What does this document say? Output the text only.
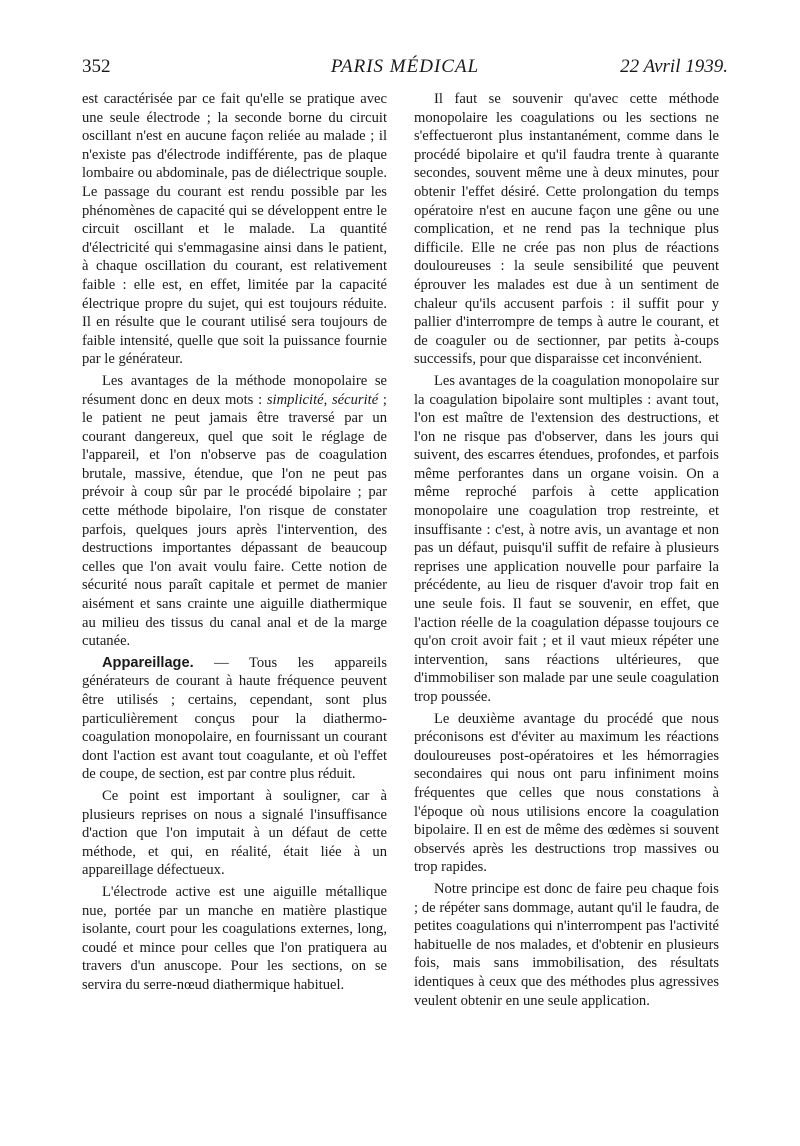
352	PARIS MÉDICAL	22 Avril 1939.

est caractérisée par ce fait qu'elle se pratique avec une seule électrode ; la seconde borne du circuit oscillant n'est en aucune façon reliée au malade ; il n'existe pas d'électrode indifférente, pas de plaque lombaire ou abdominale, pas de diélectrique souple. Le passage du courant est rendu possible par les phénomènes de capacité qui se développent entre le circuit oscillant et le malade. La quantité d'électricité qui s'emmagasine ainsi dans le patient, à chaque oscillation du courant, est relativement faible : elle est, en effet, limitée par la capacité électrique propre du sujet, qui est toujours réduite. Il en résulte que le courant utilisé sera toujours de faible intensité, quelle que soit la puissance fournie par le générateur.

Les avantages de la méthode monopolaire se résument donc en deux mots : simplicité, sécurité ; le patient ne peut jamais être traversé par un courant dangereux, quel que soit le réglage de l'appareil, et l'on n'observe pas de coagulation brutale, massive, étendue, que l'on ne peut pas prévoir à coup sûr par le procédé bipolaire ; par cette méthode bipolaire, l'on risque de constater parfois, quelques jours après l'intervention, des destructions importantes dépassant de beaucoup celles que l'on avait voulu faire. Cette notion de sécurité nous paraît capitale et permet de manier aisément et sans crainte une aiguille diathermique au milieu des tissus du canal anal et de la marge cutanée.

Appareillage. — Tous les appareils générateurs de courant à haute fréquence peuvent être utilisés ; certains, cependant, sont plus particulièrement conçus pour la diathermo-coagulation monopolaire, en fournissant un courant dont l'action est avant tout coagulante, et où l'effet de coupe, de section, est par contre plus réduit.

Ce point est important à souligner, car à plusieurs reprises on nous a signalé l'insuffisance d'action que l'on imputait à un défaut de cette méthode, et qui, en réalité, était liée à un appareillage défectueux.

L'électrode active est une aiguille métallique nue, portée par un manche en matière plastique isolante, court pour les coagulations externes, long, coudé et mince pour celles que l'on pratiquera au travers d'un anuscope. Pour les sections, on se servira du serre-nœud diathermique habituel.

Il faut se souvenir qu'avec cette méthode monopolaire les coagulations ou les sections ne s'effectueront plus instantanément, comme dans le procédé bipolaire et qu'il faudra trente à quarante secondes, souvent même une à deux minutes, pour obtenir l'effet désiré. Cette prolongation du temps opératoire n'est en aucune façon une gêne ou une complication, et ne rend pas la technique plus difficile. Elle ne crée pas non plus de réactions douloureuses : la seule sensibilité que peuvent éprouver les malades est due à un sentiment de chaleur qu'ils accusent parfois : il suffit pour y pallier d'interrompre de temps à autre le courant, et de coaguler ou de sectionner, par petits à-coups successifs, pour que disparaisse cet inconvénient.

Les avantages de la coagulation monopolaire sur la coagulation bipolaire sont multiples : avant tout, l'on est maître de l'extension des destructions, et l'on ne risque pas d'observer, dans les jours qui suivent, des escarres étendues, profondes, et parfois même perforantes dans un organe voisin. On a même reproché parfois à cette application monopolaire une coagulation trop restreinte, et insuffisante : c'est, à notre avis, un avantage et non pas un défaut, puisqu'il suffit de refaire à plusieurs reprises une application nouvelle pour parfaire la précédente, au lieu de risquer d'avoir trop fait en une seule fois. Il faut se souvenir, en effet, que l'action réelle de la coagulation dépasse toujours ce qu'on croit avoir fait ; et il vaut mieux répéter une intervention, sans réactions ultérieures, que d'immobiliser son malade par une seule coagulation trop poussée.

Le deuxième avantage du procédé que nous préconisons est d'éviter au maximum les réactions douloureuses post-opératoires et les hémorragies secondaires qui nous ont paru infiniment moins fréquentes que celles que nous constations à l'époque où nous utilisions encore la coagulation bipolaire. Il en est de même des œdèmes si souvent observés après les destructions trop massives ou trop rapides.

Notre principe est donc de faire peu chaque fois ; de répéter sans dommage, autant qu'il le faudra, de petites coagulations qui n'interrompent pas l'activité habituelle de nos malades, et d'obtenir en plusieurs fois, mais sans immobilisation, des résultats identiques à ceux que des méthodes plus agressives veulent obtenir en une seule application.
